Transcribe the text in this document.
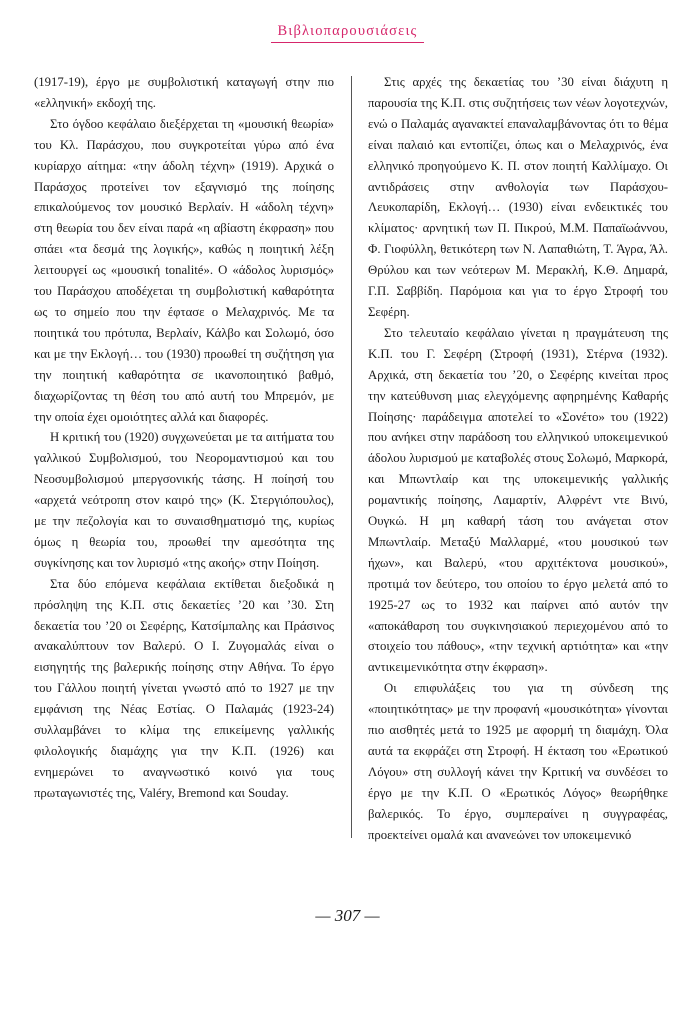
Βιβλιοπαρουσιάσεις

(1917-19), έργο με συμβολιστική καταγωγή στην πιο «ελληνική» εκδοχή της.

Στο όγδοο κεφάλαιο διεξέρχεται τη «μουσική θεωρία» του Κλ. Παράσχου, που συγκροτείται γύρω από ένα κυρίαρχο αίτημα: «την άδολη τέχνη» (1919). Αρχικά ο Παράσχος προτείνει τον εξαγνισμό της ποίησης επικαλούμενος τον μουσικό Βερλαίν. Η «άδολη τέχνη» στη θεωρία του δεν είναι παρά «η αβίαστη έκφραση» που σπάει «τα δεσμά της λογικής», καθώς η ποιητική λέξη λειτουργεί ως «μουσική tonalité». Ο «άδολος λυρισμός» του Παράσχου αποδέχεται τη συμβολιστική καθαρότητα ως το σημείο που την έφτασε ο Μελαχρινός. Με τα ποιητικά του πρότυπα, Βερλαίν, Κάλβο και Σολωμό, όσο και με την Εκλογή… του (1930) προωθεί τη συζήτηση για την ποιητική καθαρότητα σε ικανοποιητικό βαθμό, διαχωρίζοντας τη θέση του από αυτή του Μπρεμόν, με την οποία έχει ομοιότητες αλλά και διαφορές.

Η κριτική του (1920) συγχωνεύεται με τα αιτήματα του γαλλικού Συμβολισμού, του Νεορομαντισμού και του Νεοσυμβολισμού μπεργσονικής τάσης. Η ποίησή του «αρχετά νεότροπη στον καιρό της» (Κ. Στεργιόπουλος), με την πεζολογία και το συναισθηματισμό της, κυρίως όμως η θεωρία του, προωθεί την αμεσότητα της συγκίνησης και τον λυρισμό «της ακοής» στην Ποίηση.

Στα δύο επόμενα κεφάλαια εκτίθεται διεξοδικά η πρόσληψη της Κ.Π. στις δεκαετίες ’20 και ’30. Στη δεκαετία του ’20 οι Σεφέρης, Κατσίμπαλης και Πράσινος ανακαλύπτουν τον Βαλερύ. Ο Ι. Ζυγομαλάς είναι ο εισηγητής της βαλερικής ποίησης στην Αθήνα. Το έργο του Γάλλου ποιητή γίνεται γνωστό από το 1927 με την εμφάνιση της Νέας Εστίας. Ο Παλαμάς (1923-24) συλλαμβάνει το κλίμα της επικείμενης γαλλικής φιλολογικής διαμάχης για την Κ.Π. (1926) και ενημερώνει το αναγνωστικό κοινό για τους πρωταγωνιστές της, Valéry, Bremond και Souday.

Στις αρχές της δεκαετίας του ’30 είναι διάχυτη η παρουσία της Κ.Π. στις συζητήσεις των νέων λογοτεχνών, ενώ ο Παλαμάς αγανακτεί επαναλαμβάνοντας ότι το θέμα είναι παλαιό και εντοπίζει, όπως και ο Μελαχρινός, ένα ελληνικό προηγούμενο Κ. Π. στον ποιητή Καλλίμαχο. Οι αντιδράσεις στην ανθολογία των Παράσχου-Λευκοπαρίδη, Εκλογή… (1930) είναι ενδεικτικές του κλίματος· αρνητική των Π. Πικρού, Μ.Μ. Παπαϊωάννου, Φ. Γιοφύλλη, θετικότερη των Ν. Λαπαθιώτη, Τ. Άγρα, Άλ. Θρύλου και των νεότερων Μ. Μερακλή, Κ.Θ. Δημαρά, Γ.Π. Σαββίδη. Παρόμοια και για το έργο Στροφή του Σεφέρη.

Στο τελευταίο κεφάλαιο γίνεται η πραγμάτευση της Κ.Π. του Γ. Σεφέρη (Στροφή (1931), Στέρνα (1932). Αρχικά, στη δεκαετία του ’20, ο Σεφέρης κινείται προς την κατεύθυνση μιας ελεγχόμενης αφηρημένης Καθαρής Ποίησης· παράδειγμα αποτελεί το «Σονέτο» του (1922) που ανήκει στην παράδοση του ελληνικού υποκειμενικού άδολου λυρισμού με καταβολές στους Σολωμό, Μαρκορά, και Μπωντλαίρ και της υποκειμενικής γαλλικής ρομαντικής ποίησης, Λαμαρτίν, Αλφρέντ ντε Βινύ, Ουγκώ. Η μη καθαρή τάση του ανάγεται στον Μπωντλαίρ. Μεταξύ Μαλλαρμέ, «του μουσικού των ήχων», και Βαλερύ, «του αρχιτέκτονα μουσικού», προτιμά τον δεύτερο, του οποίου το έργο μελετά από το 1925-27 ως το 1932 και παίρνει από αυτόν την «αποκάθαρση του συγκινησιακού περιεχομένου από το στοιχείο του πάθους», «την τεχνική αρτιότητα» και «την αντικειμενικότητα στην έκφραση».

Οι επιφυλάξεις του για τη σύνδεση της «ποιητικότητας» με την προφανή «μουσικότητα» γίνονται πιο αισθητές μετά το 1925 με αφορμή τη διαμάχη. Όλα αυτά τα εκφράζει στη Στροφή. Η έκταση του «Ερωτικού Λόγου» στη συλλογή κάνει την Κριτική να συνδέσει το έργο με την Κ.Π. Ο «Ερωτικός Λόγος» θεωρήθηκε βαλερικός. Το έργο, συμπεραίνει η συγγραφέας, προεκτείνει ομαλά και ανανεώνει τον υποκειμενικό

— 307 —
